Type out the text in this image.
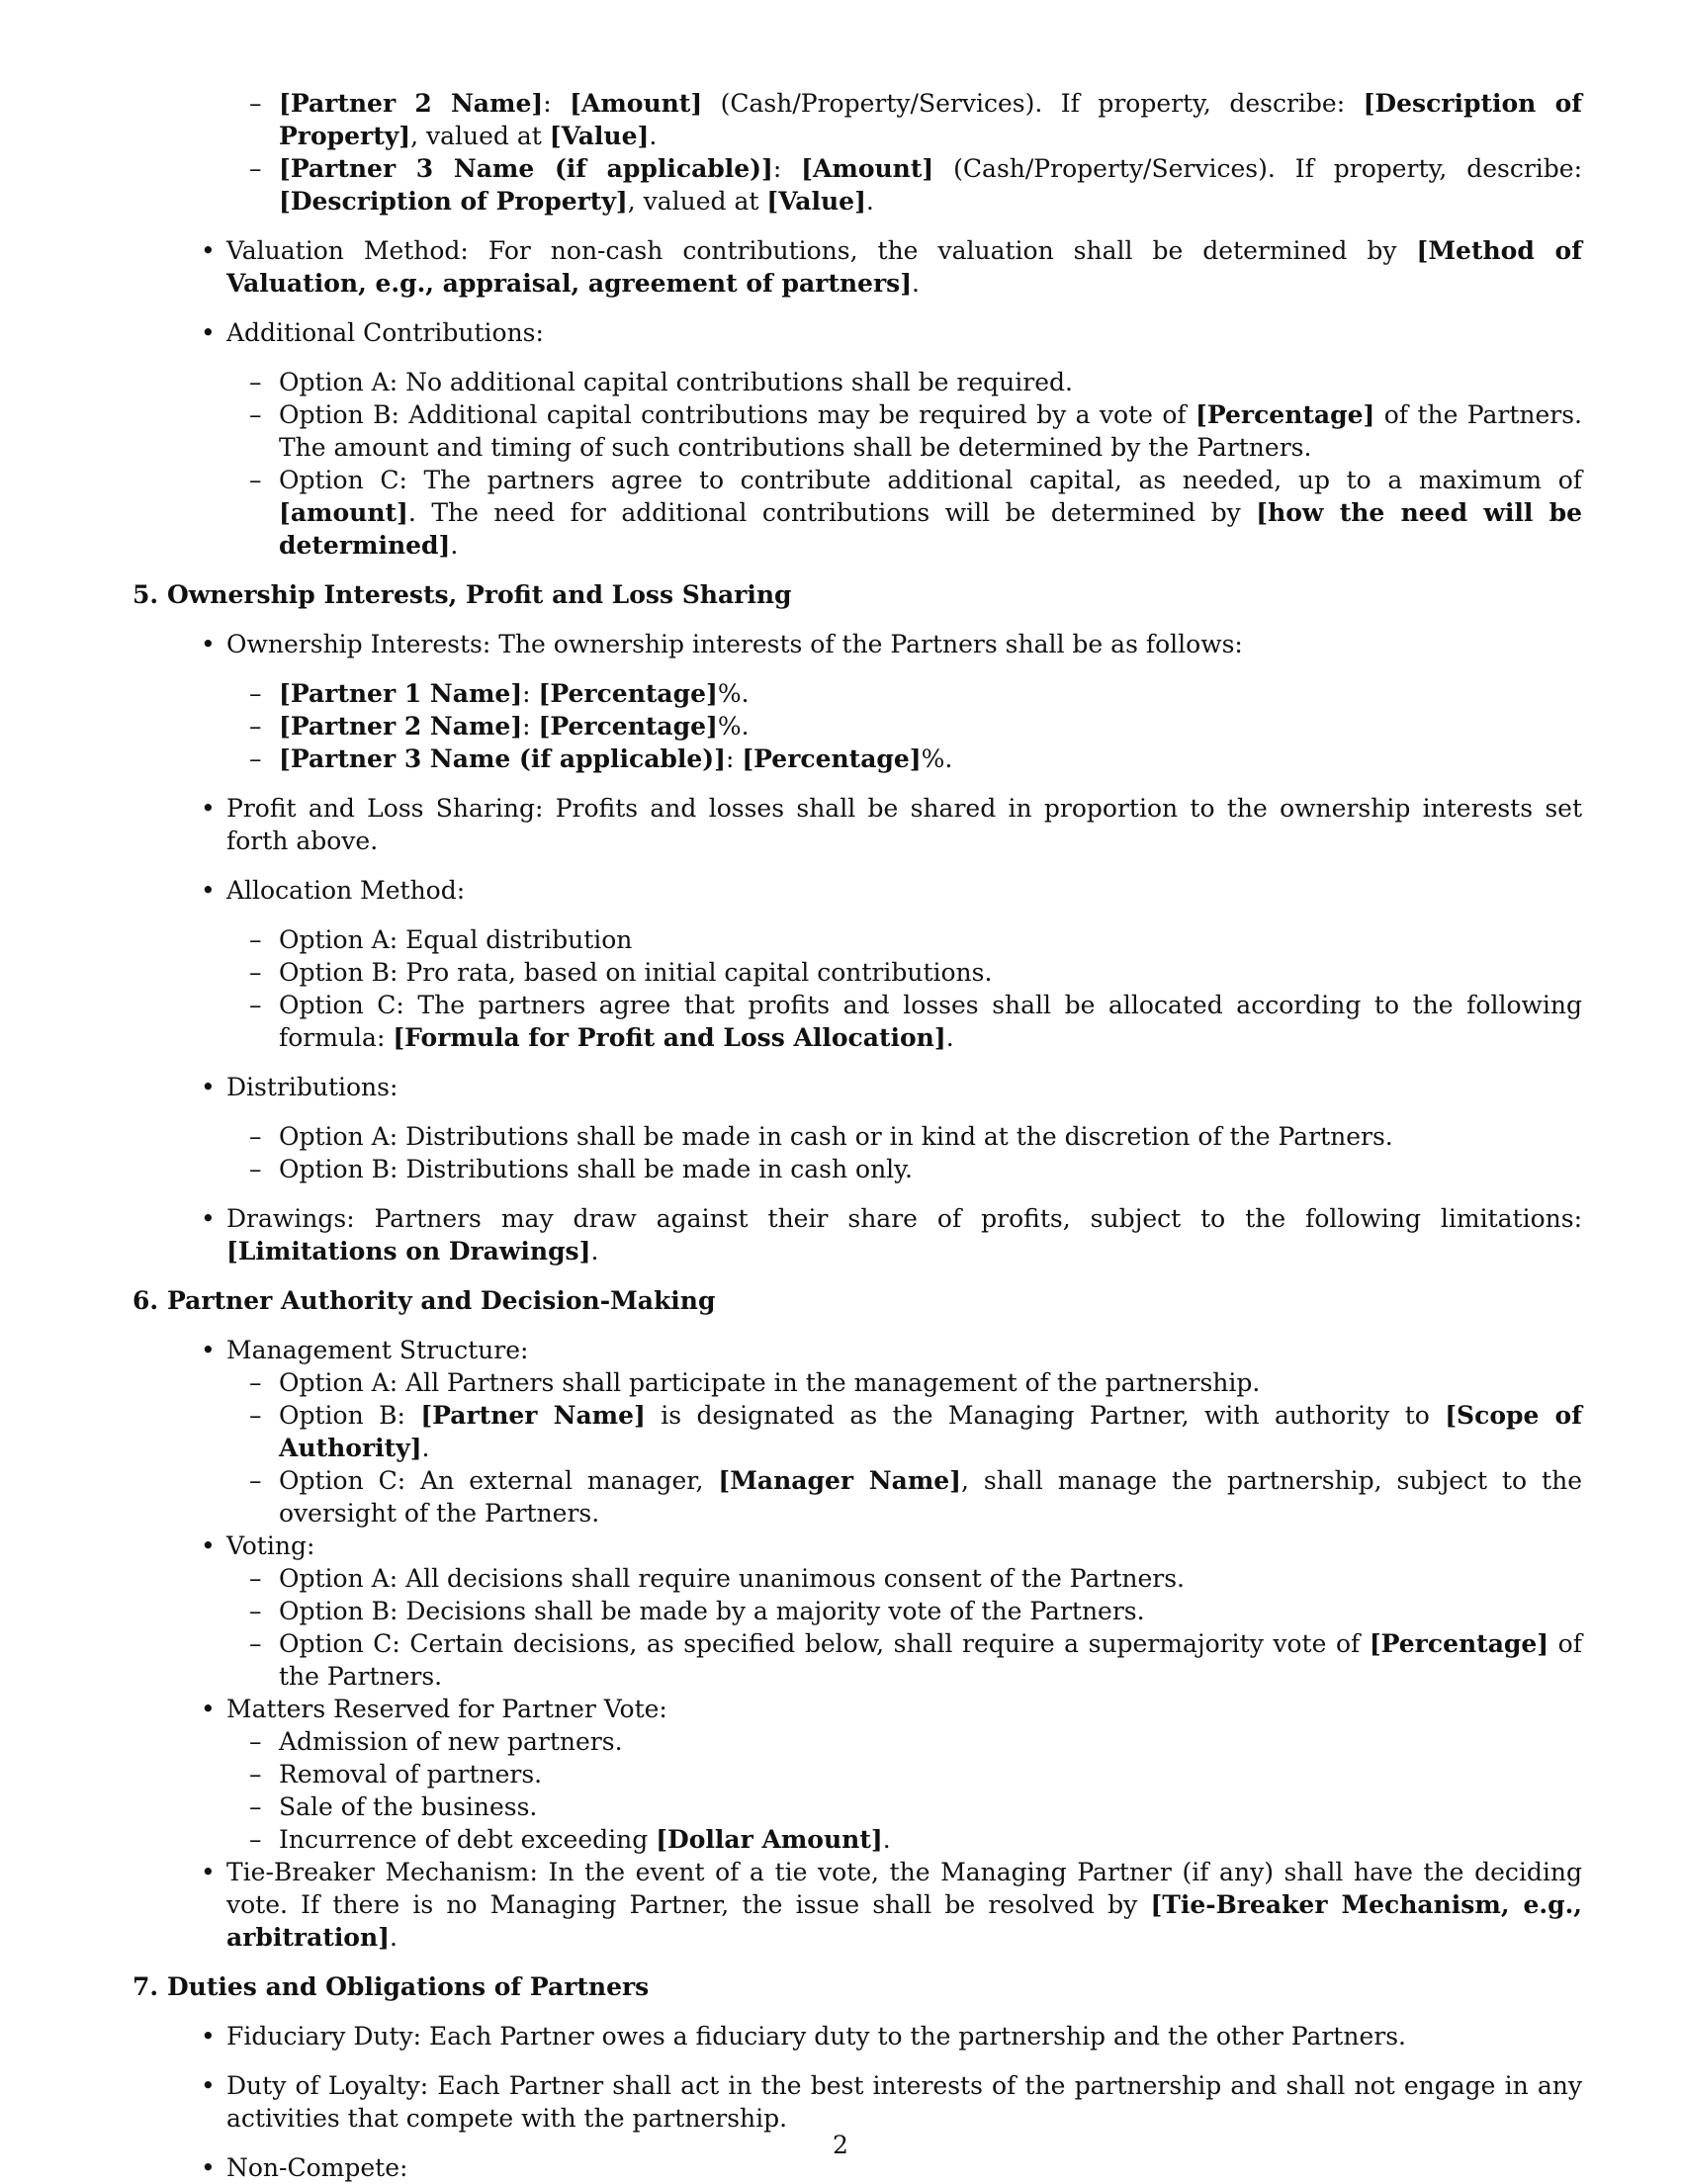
– [Partner 2 Name]: [Amount] (Cash/Property/Services). If property, describe: [Description of Property], valued at [Value].
– [Partner 3 Name (if applicable)]: [Amount] (Cash/Property/Services). If property, describe: [Description of Property], valued at [Value].
• Valuation Method: For non-cash contributions, the valuation shall be determined by [Method of Valuation, e.g., appraisal, agreement of partners].
• Additional Contributions:
– Option A: No additional capital contributions shall be required.
– Option B: Additional capital contributions may be required by a vote of [Percentage] of the Partners. The amount and timing of such contributions shall be determined by the Partners.
– Option C: The partners agree to contribute additional capital, as needed, up to a maximum of [amount]. The need for additional contributions will be determined by [how the need will be determined].
5. Ownership Interests, Profit and Loss Sharing
• Ownership Interests: The ownership interests of the Partners shall be as follows:
– [Partner 1 Name]: [Percentage]%.
– [Partner 2 Name]: [Percentage]%.
– [Partner 3 Name (if applicable)]: [Percentage]%.
• Profit and Loss Sharing: Profits and losses shall be shared in proportion to the ownership interests set forth above.
• Allocation Method:
– Option A: Equal distribution
– Option B: Pro rata, based on initial capital contributions.
– Option C: The partners agree that profits and losses shall be allocated according to the following formula: [Formula for Profit and Loss Allocation].
• Distributions:
– Option A: Distributions shall be made in cash or in kind at the discretion of the Partners.
– Option B: Distributions shall be made in cash only.
• Drawings: Partners may draw against their share of profits, subject to the following limitations: [Limitations on Drawings].
6. Partner Authority and Decision-Making
• Management Structure:
– Option A: All Partners shall participate in the management of the partnership.
– Option B: [Partner Name] is designated as the Managing Partner, with authority to [Scope of Authority].
– Option C: An external manager, [Manager Name], shall manage the partnership, subject to the oversight of the Partners.
• Voting:
– Option A: All decisions shall require unanimous consent of the Partners.
– Option B: Decisions shall be made by a majority vote of the Partners.
– Option C: Certain decisions, as specified below, shall require a supermajority vote of [Percentage] of the Partners.
• Matters Reserved for Partner Vote:
– Admission of new partners.
– Removal of partners.
– Sale of the business.
– Incurrence of debt exceeding [Dollar Amount].
• Tie-Breaker Mechanism: In the event of a tie vote, the Managing Partner (if any) shall have the deciding vote. If there is no Managing Partner, the issue shall be resolved by [Tie-Breaker Mechanism, e.g., arbitration].
7. Duties and Obligations of Partners
• Fiduciary Duty: Each Partner owes a fiduciary duty to the partnership and the other Partners.
• Duty of Loyalty: Each Partner shall act in the best interests of the partnership and shall not engage in any activities that compete with the partnership.
• Non-Compete:
2
